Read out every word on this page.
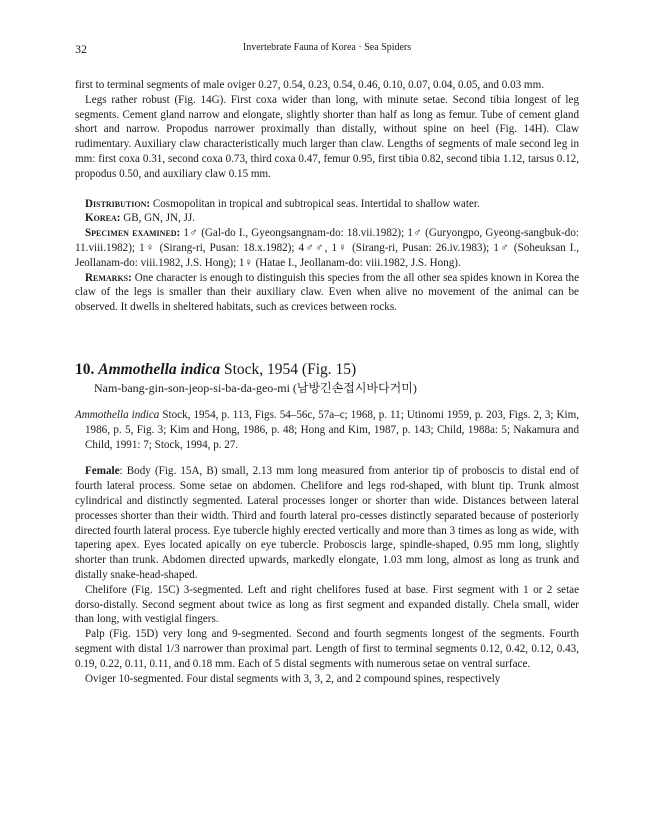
32	Invertebrate Fauna of Korea · Sea Spiders

first to terminal segments of male oviger 0.27, 0.54, 0.23, 0.54, 0.46, 0.10, 0.07, 0.04, 0.05, and 0.03 mm.

Legs rather robust (Fig. 14G). First coxa wider than long, with minute setae. Second tibia longest of leg segments. Cement gland narrow and elongate, slightly shorter than half as long as femur. Tube of cement gland short and narrow. Propodus narrower proximally than distally, without spine on heel (Fig. 14H). Claw rudimentary. Auxiliary claw characteristically much larger than claw. Lengths of segments of male second leg in mm: first coxa 0.31, second coxa 0.73, third coxa 0.47, femur 0.95, first tibia 0.82, second tibia 1.12, tarsus 0.12, propodus 0.50, and auxiliary claw 0.15 mm.

Distribution: Cosmopolitan in tropical and subtropical seas. Intertidal to shallow water.

Korea: GB, GN, JN, JJ.

Specimen examined: 1♂ (Gal-do I., Gyeongsangnam-do: 18.vii.1982); 1♂ (Guryongpo, Gyeong-sangbuk-do: 11.viii.1982); 1♀ (Sirang-ri, Pusan: 18.x.1982); 4♂♂, 1♀ (Sirang-ri, Pusan: 26.iv.1983); 1♂ (Soheuksan I., Jeollanam-do: viii.1982, J.S. Hong); 1♀ (Hatae I., Jeollanam-do: viii.1982, J.S. Hong).

Remarks: One character is enough to distinguish this species from the all other sea spides known in Korea the claw of the legs is smaller than their auxiliary claw. Even when alive no movement of the animal can be observed. It dwells in sheltered habitats, such as crevices between rocks.

10. Ammothella indica Stock, 1954 (Fig. 15)
Nam-bang-gin-son-jeop-si-ba-da-geo-mi (남방긴손접시바다거미)

Ammothella indica Stock, 1954, p. 113, Figs. 54–56c, 57a–c; 1968, p. 11; Utinomi 1959, p. 203, Figs. 2, 3; Kim, 1986, p. 5, Fig. 3; Kim and Hong, 1986, p. 48; Hong and Kim, 1987, p. 143; Child, 1988a: 5; Nakamura and Child, 1991: 7; Stock, 1994, p. 27.

Female: Body (Fig. 15A, B) small, 2.13 mm long measured from anterior tip of proboscis to distal end of fourth lateral process. Some setae on abdomen. Chelifore and legs rod-shaped, with blunt tip. Trunk almost cylindrical and distinctly segmented. Lateral processes longer or shorter than wide. Distances between lateral processes shorter than their width. Third and fourth lateral pro-cesses distinctly separated because of posteriorly directed fourth lateral process. Eye tubercle highly erected vertically and more than 3 times as long as wide, with tapering apex. Eyes located apically on eye tubercle. Proboscis large, spindle-shaped, 0.95 mm long, slightly shorter than trunk. Abdomen directed upwards, markedly elongate, 1.03 mm long, almost as long as trunk and distally snake-head-shaped.

Chelifore (Fig. 15C) 3-segmented. Left and right chelifores fused at base. First segment with 1 or 2 setae dorso-distally. Second segment about twice as long as first segment and expanded distally. Chela small, wider than long, with vestigial fingers.

Palp (Fig. 15D) very long and 9-segmented. Second and fourth segments longest of the segments. Fourth segment with distal 1/3 narrower than proximal part. Length of first to terminal segments 0.12, 0.42, 0.12, 0.43, 0.19, 0.22, 0.11, 0.11, and 0.18 mm. Each of 5 distal segments with numerous setae on ventral surface.

Oviger 10-segmented. Four distal segments with 3, 3, 2, and 2 compound spines, respectively
